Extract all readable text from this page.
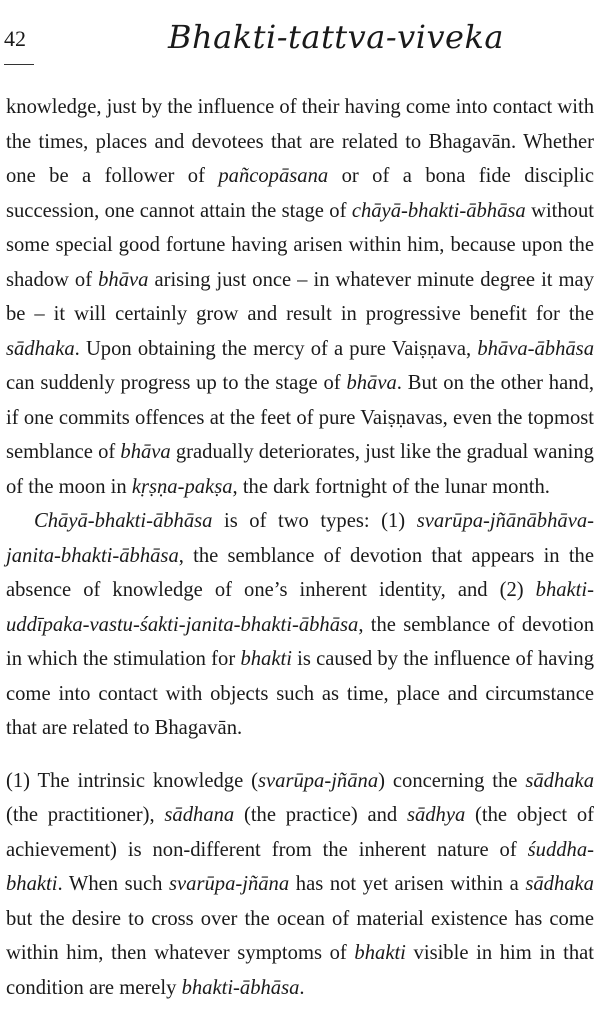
42	Bhakti-tattva-viveka

knowledge, just by the influence of their having come into contact with the times, places and devotees that are related to Bhagavān. Whether one be a follower of pañcopāsana or of a bona fide disciplic succession, one cannot attain the stage of chāyā-bhakti-ābhāsa without some special good fortune having arisen within him, because upon the shadow of bhāva arising just once – in whatever minute degree it may be – it will certainly grow and result in progressive benefit for the sādhaka. Upon obtaining the mercy of a pure Vaiṣṇava, bhāva-ābhāsa can suddenly progress up to the stage of bhāva. But on the other hand, if one commits offences at the feet of pure Vaiṣṇavas, even the topmost semblance of bhāva gradually deteriorates, just like the gradual waning of the moon in kṛṣṇa-pakṣa, the dark fortnight of the lunar month.

Chāyā-bhakti-ābhāsa is of two types: (1) svarūpa-jñānābhāva-janita-bhakti-ābhāsa, the semblance of devotion that appears in the absence of knowledge of one’s inherent identity, and (2) bhakti-uddīpaka-vastu-śakti-janita-bhakti-ābhāsa, the semblance of devotion in which the stimulation for bhakti is caused by the influence of having come into contact with objects such as time, place and circumstance that are related to Bhagavān.

(1) The intrinsic knowledge (svarūpa-jñāna) concerning the sādhaka (the practitioner), sādhana (the practice) and sādhya (the object of achievement) is non-different from the inherent nature of śuddha-bhakti. When such svarūpa-jñāna has not yet arisen within a sādhaka but the desire to cross over the ocean of material existence has come within him, then whatever symptoms of bhakti visible in him in that condition are merely bhakti-ābhāsa.
